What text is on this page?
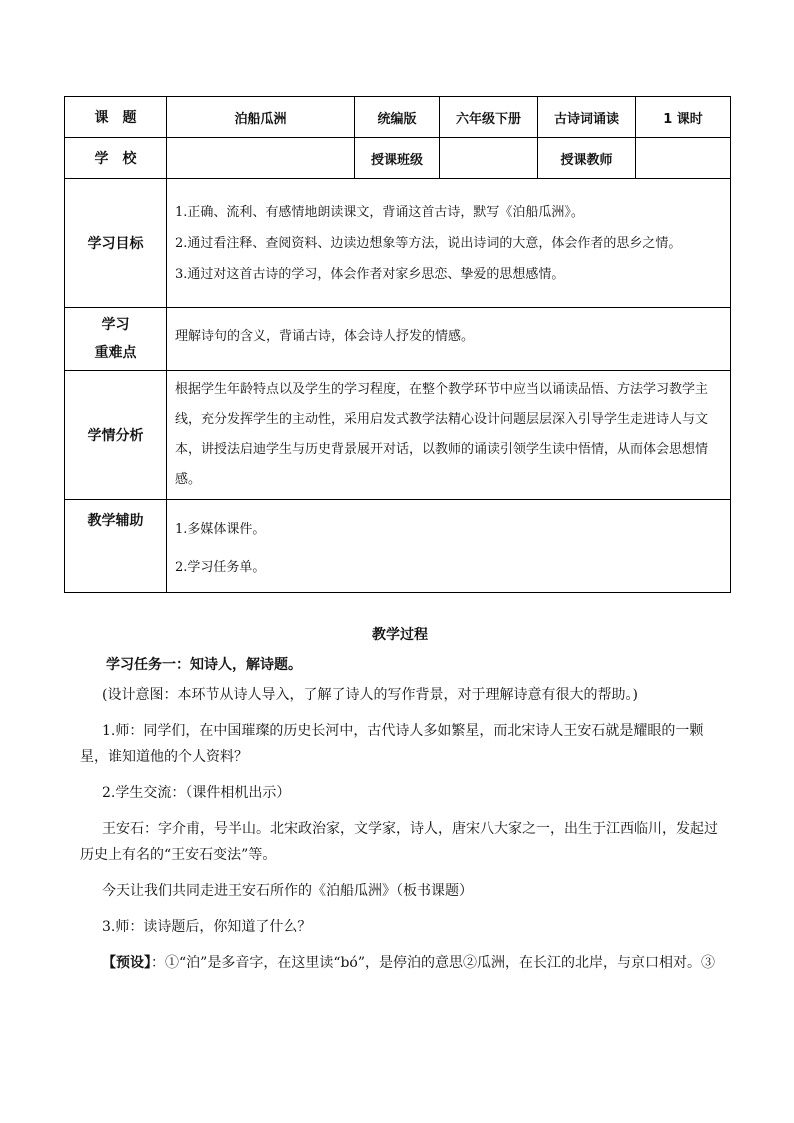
课　题	泊船瓜洲	统编版	六年级下册	古诗词诵读	1 课时
学　校		授课班级		授课教师	
学习目标	1.正确、流利、有感情地朗读课文，背诵这首古诗，默写《泊船瓜洲》。

2.通过看注释、查阅资料、边读边想象等方法，说出诗词的大意，体会作者的思乡之情。

3.通过对这首古诗的学习，体会作者对家乡思恋、挚爱的思想感情。				

学习
重难点	理解诗句的含义，背诵古诗，体会诗人抒发的情感。				

学情分析	根据学生年龄特点以及学生的学习程度，在整个教学环节中应当以诵读品悟、方法学习教学主线，充分发挥学生的主动性，采用启发式教学法精心设计问题层层深入引导学生走进诗人与文本，讲授法启迪学生与历史背景展开对话，以教师的诵读引领学生读中悟情，从而体会思想情感。				

教学辅助	1.多媒体课件。

2.学习任务单。				

教学过程
学习任务一：知诗人，解诗题。

(设计意图：本环节从诗人导入，了解了诗人的写作背景，对于理解诗意有很大的帮助。)

1.师：同学们，在中国璀璨的历史长河中，古代诗人多如繁星，而北宋诗人王安石就是耀眼的一颗星，谁知道他的个人资料？

2.学生交流：（课件相机出示）

王安石：字介甫，号半山。北宋政治家，文学家，诗人，唐宋八大家之一，出生于江西临川，发起过历史上有名的“王安石变法”等。

今天让我们共同走进王安石所作的《泊船瓜洲》（板书课题）

3.师：读诗题后，你知道了什么？

【预设】：①“泊”是多音字，在这里读“bó”，是停泊的意思②瓜洲，在长江的北岸，与京口相对。③
